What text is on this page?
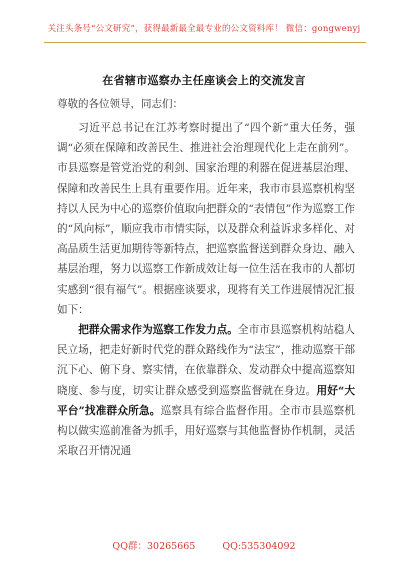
关注头条号“公文研究”，获得最新最全最专业的公文资料库！ 微信：gongwenyj
在省辖市巡察办主任座谈会上的交流发言
尊敬的各位领导，同志们：

习近平总书记在江苏考察时提出了“四个新”重大任务，强调“必须在保障和改善民生、推进社会治理现代化上走在前列”。市县巡察是管党治党的利剑、国家治理的利器在促进基层治理、保障和改善民生上具有重要作用。近年来，我市市县巡察机构坚持以人民为中心的巡察价值取向把群众的“表情包”作为巡察工作的“风向标”，顺应我市市情实际，以及群众利益诉求多样化、对高品质生活更加期待等新特点，把巡察监督送到群众身边、融入基层治理，努力以巡察工作新成效让每一位生活在我市的人都切实感到“很有福气”。根据座谈要求，现将有关工作进展情况汇报如下：

把群众需求作为巡察工作发力点。全市市县巡察机构站稳人民立场，把走好新时代党的群众路线作为“法宝”，推动巡察干部沉下心、俯下身、察实情，在依靠群众、发动群众中提高巡察知晓度、参与度，切实让群众感受到巡察监督就在身边。用好“大平台”找准群众所急。巡察具有综合监督作用。全市市县巡察机构以做实巡前准备为抓手，用好巡察与其他监督协作机制，灵活采取召开情况通

QQ群：30265665	QQ:535304092
